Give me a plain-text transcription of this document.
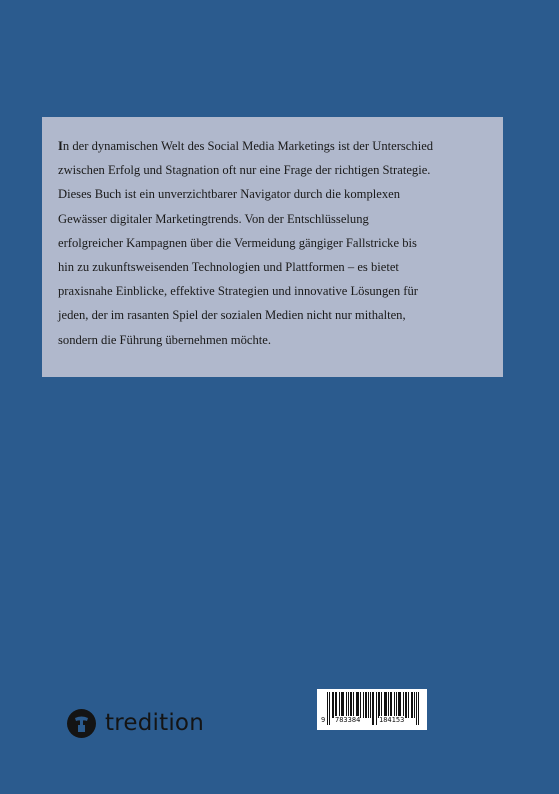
In der dynamischen Welt des Social Media Marketings ist der Unterschied
zwischen Erfolg und Stagnation oft nur eine Frage der richtigen Strategie.
Dieses Buch ist ein unverzichtbarer Navigator durch die komplexen
Gewässer digitaler Marketingtrends. Von der Entschlüsselung
erfolgreicher Kampagnen über die Vermeidung gängiger Fallstricke bis
hin zu zukunftsweisenden Technologien und Plattformen – es bietet
praxisnahe Einblicke, effektive Strategien und innovative Lösungen für
jeden, der im rasanten Spiel der sozialen Medien nicht nur mithalten,
sondern die Führung übernehmen möchte.

tredition	9 783384	184153
